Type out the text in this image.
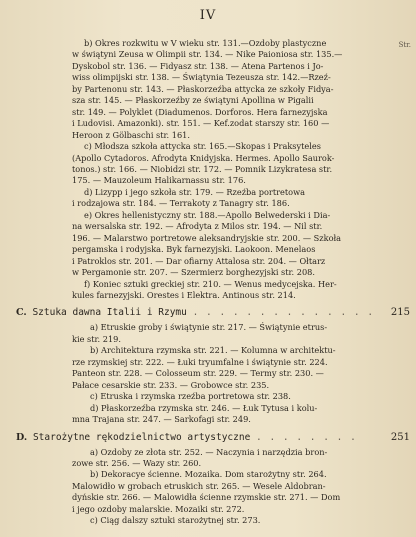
IV
Str.
b) Okres rozkwitu w V wieku str. 131.—Ozdoby plastyczne
w świątyni Zeusa w Olimpii str. 134. — Nike Paioniosa str. 135.—
Dyskobol str. 136. — Fidyasz str. 138. — Atena Partenos i Jo-
wiss olimpijski str. 138. — Świątynia Tezeusza str. 142.—Rzeź-
by Partenonu str. 143. — Płaskorzeźba attycka ze szkoły Fidya-
sza str. 145. — Płaskorzeźby ze świątyni Apollina w Pigalii
str. 149. — Polyklet (Diadumenos. Dorforos. Hera farnezyjska
i Ludovisi. Amazonki). str. 151. — Kef.zodat starszy str. 160 —
Heroon z Gölbaschi str. 161.
c) Młodsza szkoła attycka str. 165.—Skopas i Praksyteles
(Apollo Cytadoros. Afrodyta Knidyjska. Hermes. Apollo Saurok-
tonos.) str. 166. — Niobidzi str. 172. — Pomnik Lizykratesa str.
175. — Mauzoleum Halikarnassu str. 176.
d) Lizypp i jego szkoła str. 179. — Rzeźba portretowa
i rodzajowa str. 184. — Terrakoty z Tanagry str. 186.
e) Okres hellenistyczny str. 188.—Apollo Belwederski i Dia-
na wersalska str. 192. — Afrodyta z Milos str. 194. — Nil str.
196. — Malarstwo portretowe aleksandryjskie str. 200. — Szkoła
pergamska i rodyjska. Byk farnezyjski. Laokoon. Menelaos
i Patroklos str. 201. — Dar ofiarny Attalosa str. 204. — Ołtarz
w Pergamonie str. 207. — Szermierz borghezyjski str. 208.
f) Koniec sztuki greckiej str. 210. — Wenus medycejska. Her-
kules farnezyjski. Orestes i Elektra. Antinous str. 214.
C. Sztuka dawna Italii i Rzymu . . . . . . . . . . . . . . 215
a) Etruskie groby i świątynie str. 217. — Świątynie etrus-
kie str. 219.
b) Architektura rzymska str. 221. — Kolumna w architektu-
rze rzymskiej str. 222. — Łuki tryumfalne i świątynie str. 224.
Panteon str. 228. — Colosseum str. 229. — Termy str. 230. —
Pałace cesarskie str. 233. — Grobowce str. 235.
c) Etruska i rzymska rzeźba portretowa str. 238.
d) Płaskorzeźba rzymska str. 246. — Łuk Tytusa i kolu-
mna Trajana str. 247. — Sarkofagi str. 249.
D. Starożytne rękodzielnictwo artystyczne . . . . . . . .	251
a) Ozdoby ze złota str. 252. — Naczynia i narzędzia bron-
zowe str. 256. — Wazy str. 260.
b) Dekoracye ścienne. Mozaika. Dom starożytny str. 264.
Malowidło w grobach etruskich str. 265. — Wesele Aldobran-
dyńskie str. 266. — Malowidła ścienne rzymskie str. 271. — Dom
i jego ozdoby malarskie. Mozaiki str. 272.
c) Ciąg dalszy sztuki starożytnej str. 273.
